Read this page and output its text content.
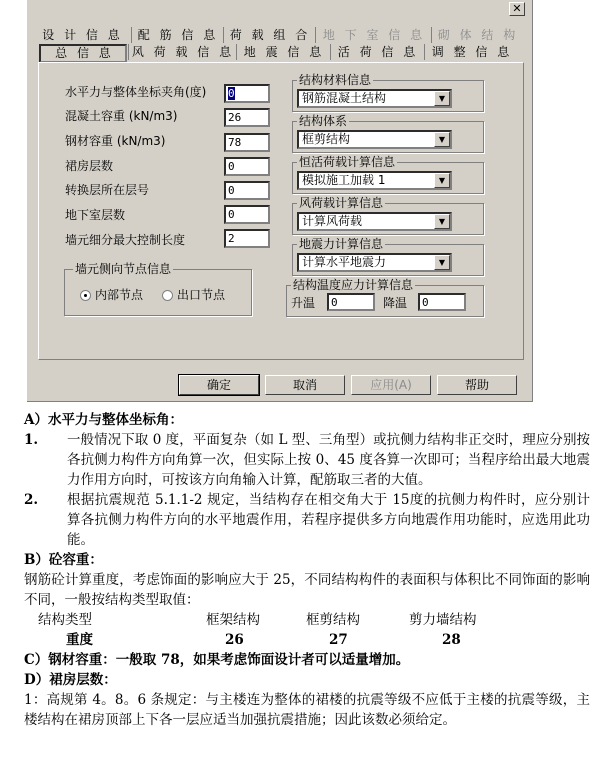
✕
设 计 信 息	配 筋 信 息 荷 载 组 合	地 下 室 信 息	砌 体 结 构
总 信 息	风 荷 载 信 息 地 震 信 息	活 荷 信 息	调 整 信 息
水平力与整体坐标夹角(度)	0
混凝土容重 (kN/m3)	26
钢材容重 (kN/m3)	78
裙房层数	0
转换层所在层号	0
地下室层数	0
墙元细分最大控制长度	2
墙元侧向节点信息
内部节点	出口节点
结构材料信息
钢筋混凝土结构	▼
结构体系
框剪结构	▼
恒活荷载计算信息
模拟施工加载 1	▼
风荷载计算信息
计算风荷载	▼
地震力计算信息
计算水平地震力	▼
结构温度应力计算信息
升温	0	降温	0
确定	取消	应用(A)	帮助

A）水平力与整体坐标角：

1. 一般情况下取 0 度，平面复杂（如 L 型、三角型）或抗侧力结构非正交时，理应分别按各抗侧力构件方向角算一次，但实际上按 0、45 度各算一次即可；当程序给出最大地震力作用方向时，可按该方向角输入计算，配筋取三者的大值。
2. 根据抗震规范 5.1.1-2 规定，当结构存在相交角大于 15度的抗侧力构件时，应分别计算各抗侧力构件方向的水平地震作用，若程序提供多方向地震作用功能时，应选用此功能。

B）砼容重：

钢筋砼计算重度，考虑饰面的影响应大于 25，不同结构构件的表面积与体积比不同饰面的影响不同，一般按结构类型取值：

结构类型	框架结构	框剪结构	剪力墙结构
重度	26	27	28

C）钢材容重：一般取 78，如果考虑饰面设计者可以适量增加。

D）裙房层数：

1：高规第 4。8。6 条规定：与主楼连为整体的裙楼的抗震等级不应低于主楼的抗震等级，主楼结构在裙房顶部上下各一层应适当加强抗震措施；因此该数必须给定。
